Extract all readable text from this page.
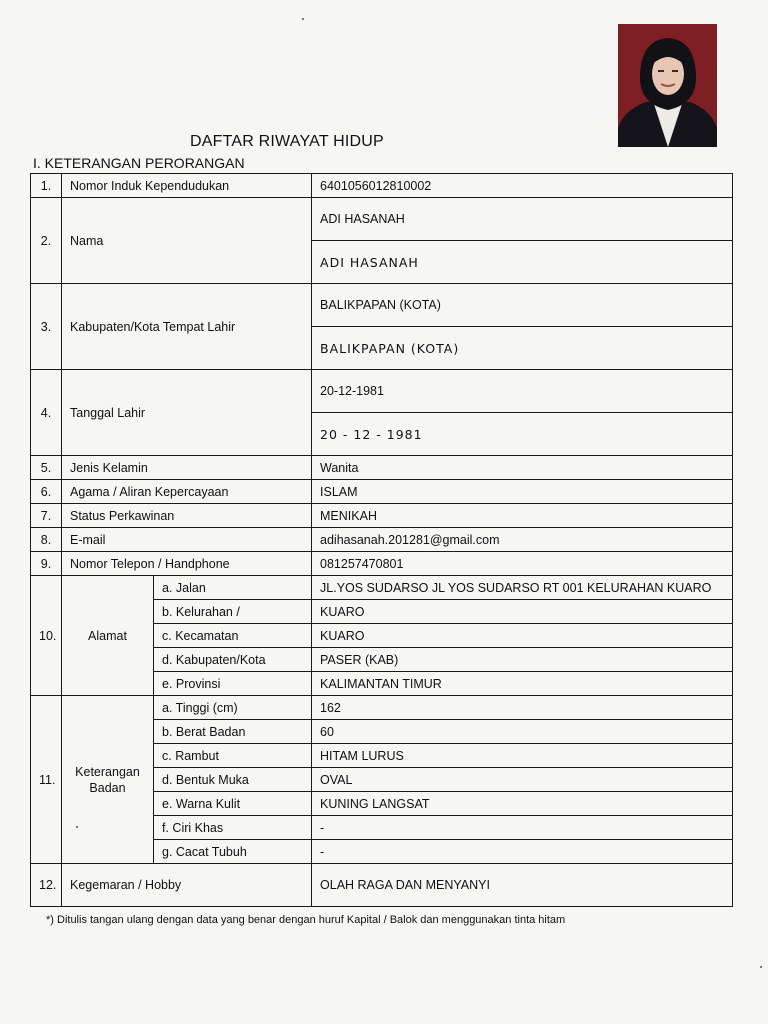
DAFTAR RIWAYAT HIDUP
I. KETERANGAN PERORANGAN
1.	Nomor Induk Kependudukan		6401056012810002
2.	Nama		ADI HASANAH
			ADI HASANAH
3.	Kabupaten/Kota Tempat Lahir		BALIKPAPAN (KOTA)
			BALIKPAPAN (KOTA)
4.	Tanggal Lahir		20-12-1981
			20 - 12 - 1981
5.	Jenis Kelamin		Wanita
6.	Agama / Aliran Kepercayaan		ISLAM
7.	Status Perkawinan		MENIKAH
8.	E-mail		adihasanah.201281@gmail.com
9.	Nomor Telepon / Handphone		081257470801
10.	Alamat	a. Jalan	JL.YOS SUDARSO JL YOS SUDARSO RT 001 KELURAHAN KUARO
		b. Kelurahan /	KUARO
		c. Kecamatan	KUARO
		d. Kabupaten/Kota	PASER (KAB)
		e. Provinsi	KALIMANTAN TIMUR
11.	Keterangan
Badan	a. Tinggi (cm)	162
		b. Berat Badan	60
		c. Rambut	HITAM LURUS
		d. Bentuk Muka	OVAL
		e. Warna Kulit	KUNING LANGSAT
		f. Ciri Khas	-
		g. Cacat Tubuh	-
12.	Kegemaran / Hobby		OLAH RAGA DAN MENYANYI
*) Ditulis tangan ulang dengan data yang benar dengan huruf Kapital / Balok dan menggunakan tinta hitam
